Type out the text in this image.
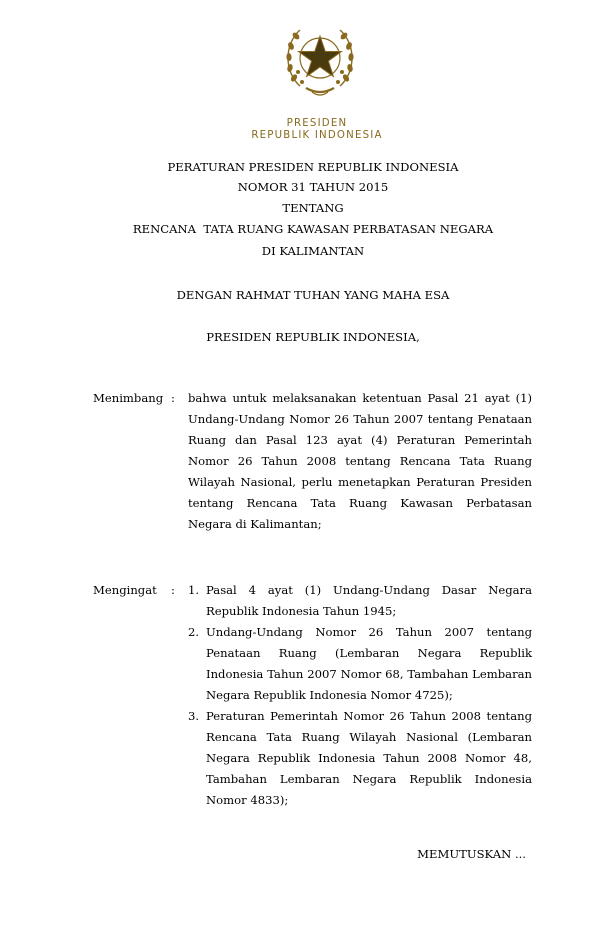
PRESIDEN
REPUBLIK INDONESIA
PERATURAN PRESIDEN REPUBLIK INDONESIA
NOMOR 31 TAHUN 2015
TENTANG
RENCANA  TATA RUANG KAWASAN PERBATASAN NEGARA
DI KALIMANTAN
DENGAN RAHMAT TUHAN YANG MAHA ESA
PRESIDEN REPUBLIK INDONESIA,
Menimbang : bahwa untuk melaksanakan ketentuan Pasal 21 ayat (1) Undang-Undang Nomor 26 Tahun 2007 tentang Penataan Ruang dan Pasal 123 ayat (4) Peraturan Pemerintah Nomor 26 Tahun 2008 tentang Rencana Tata Ruang Wilayah Nasional, perlu menetapkan Peraturan Presiden tentang Rencana Tata Ruang Kawasan Perbatasan Negara di Kalimantan;
Mengingat : 1. Pasal 4 ayat (1) Undang-Undang Dasar Negara Republik Indonesia Tahun 1945;
2. Undang-Undang Nomor 26 Tahun 2007 tentang Penataan Ruang (Lembaran Negara Republik Indonesia Tahun 2007 Nomor 68, Tambahan Lembaran Negara Republik Indonesia Nomor 4725);
3. Peraturan Pemerintah Nomor 26 Tahun 2008 tentang Rencana Tata Ruang Wilayah Nasional (Lembaran Negara Republik Indonesia Tahun 2008 Nomor 48, Tambahan Lembaran Negara Republik Indonesia Nomor 4833);
MEMUTUSKAN ...
